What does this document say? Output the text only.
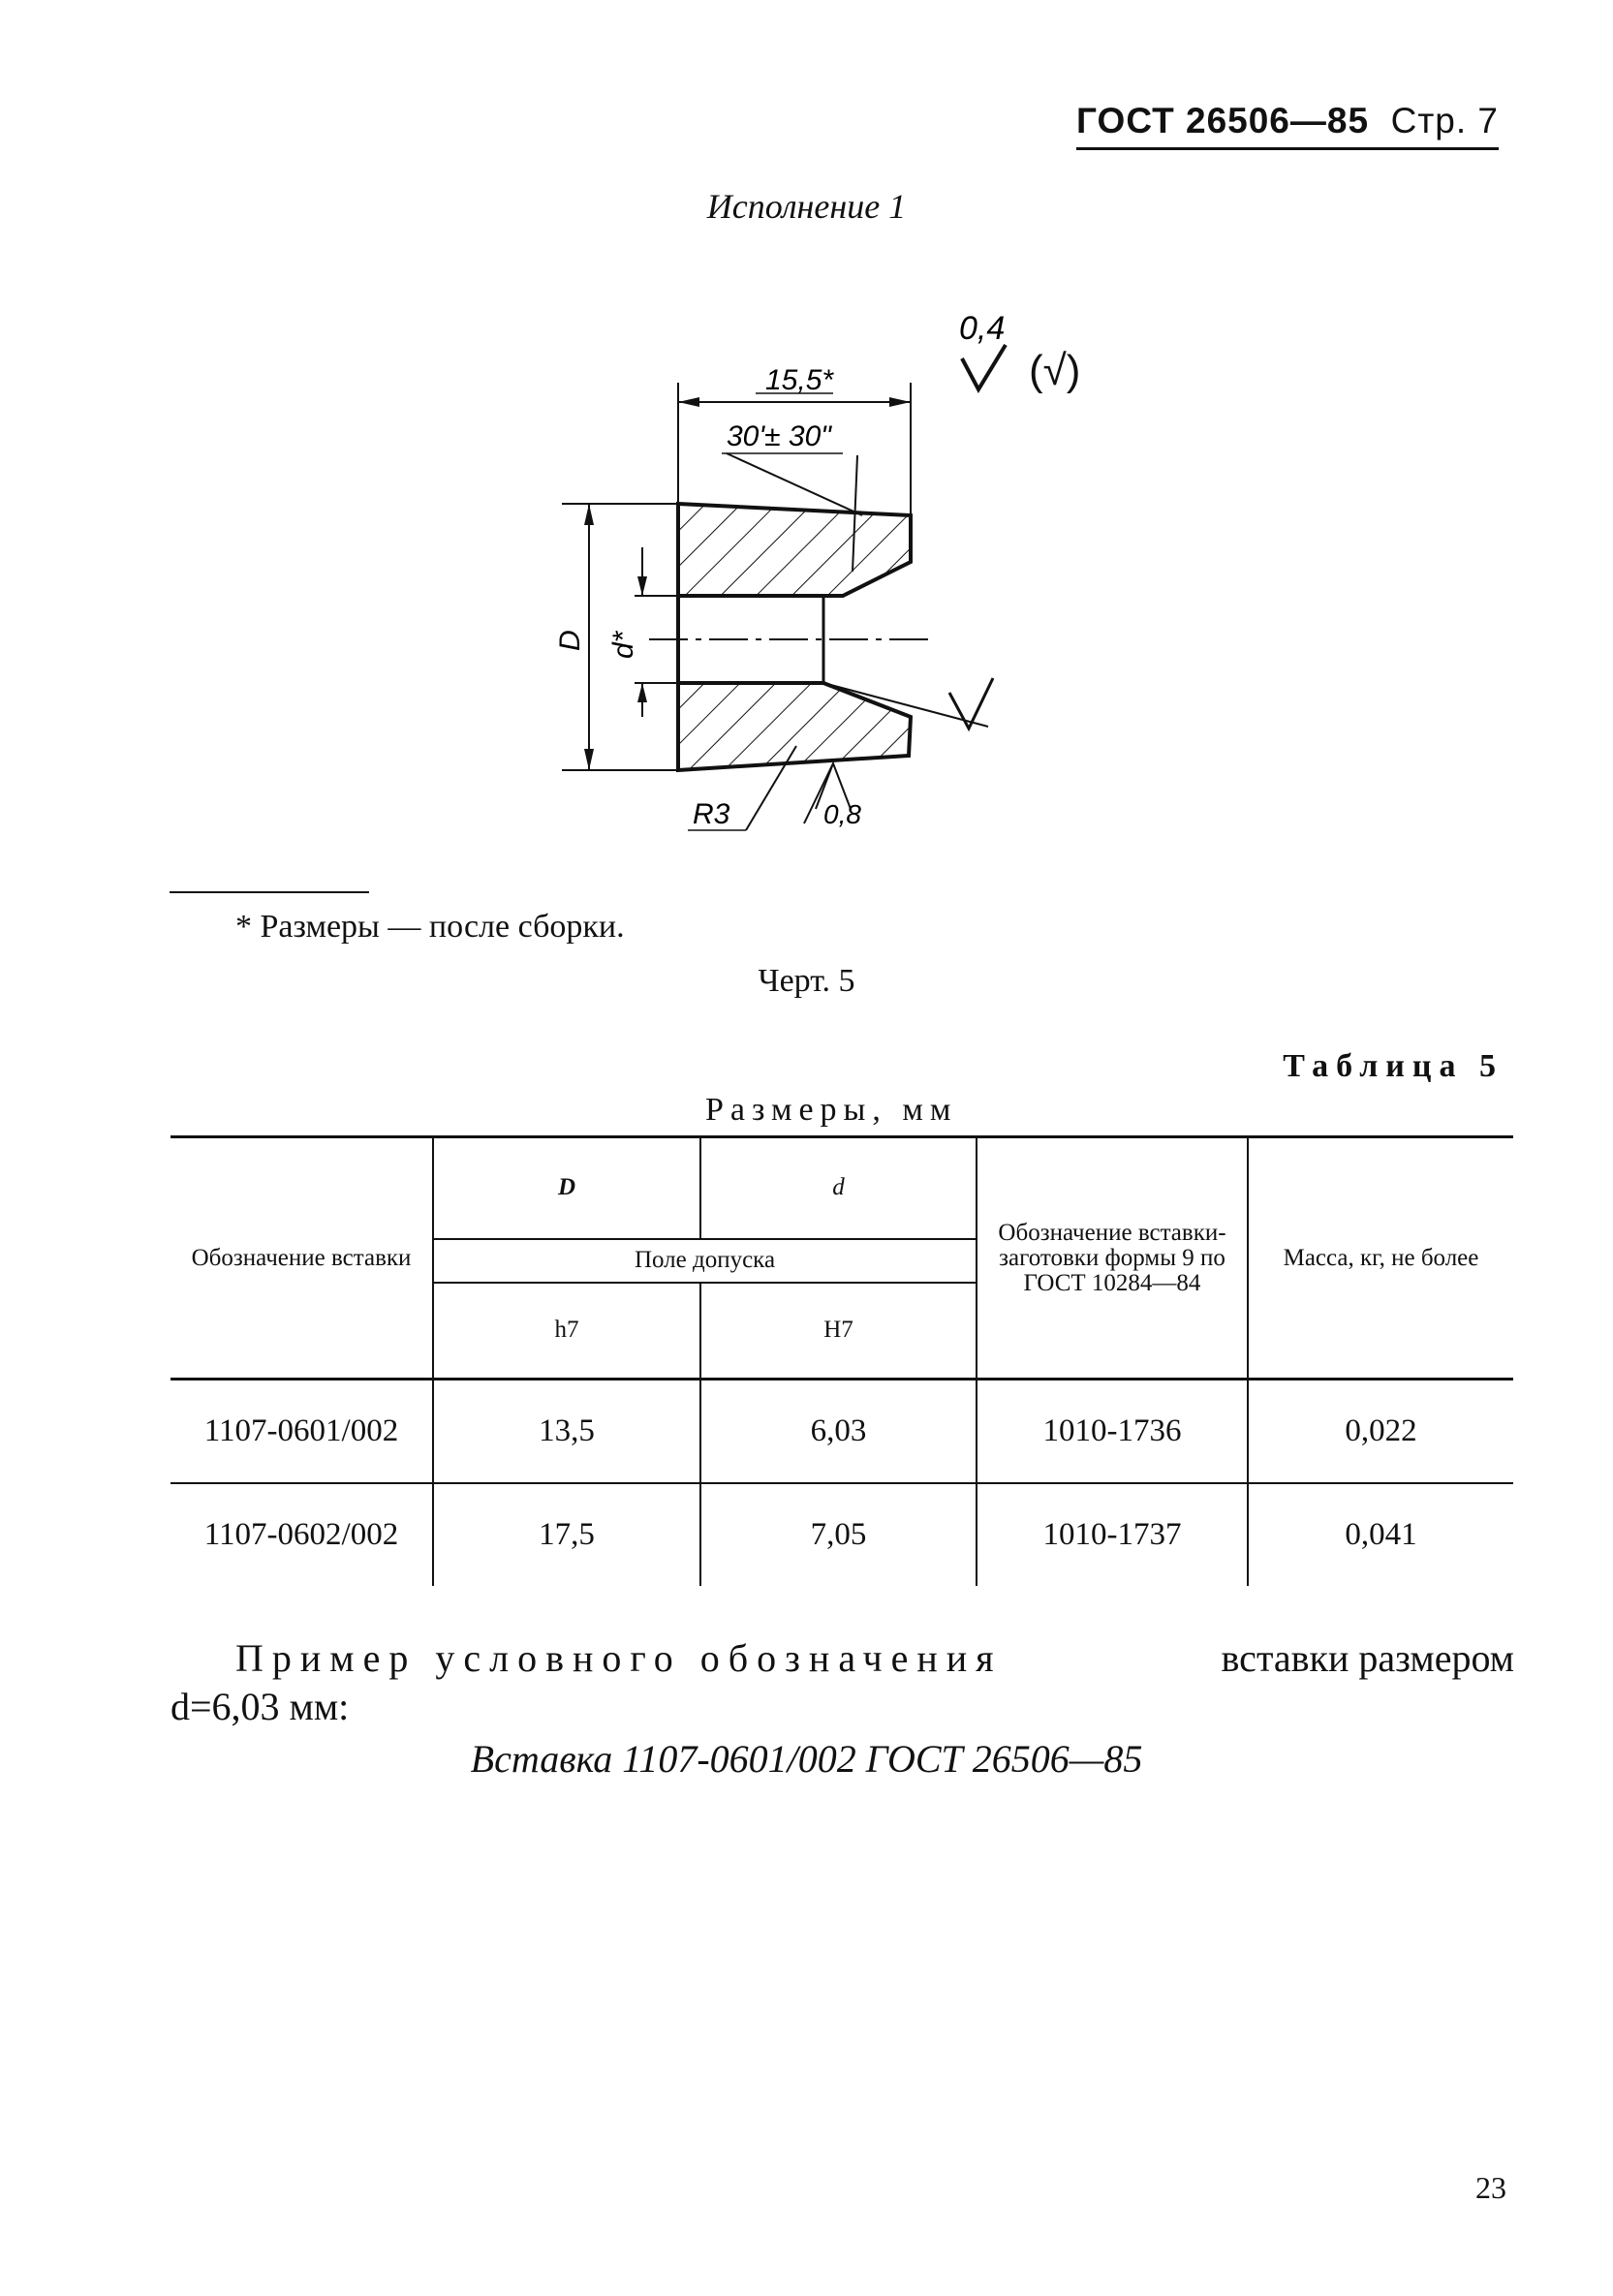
ГОСТ 26506—85 Стр. 7
Исполнение 1
15,5*
30'± 30"
0,4
D d*
R3	0,8
(√)
* Размеры — после сборки.
Черт. 5
Таблица 5
Размеры, мм
Обозначение вставки	D	d	Обозначение вставки-заготовки формы 9 по ГОСТ 10284—84	Масса, кг, не более
	Поле допуска			
	h7	H7		
1107-0601/002	13,5	6,03	1010-1736	0,022
1107-0602/002	17,5	7,05	1010-1737	0,041
Пример условного обозначения	вставки размером
d=6,03 мм:
Вставка 1107-0601/002 ГОСТ 26506—85
23
